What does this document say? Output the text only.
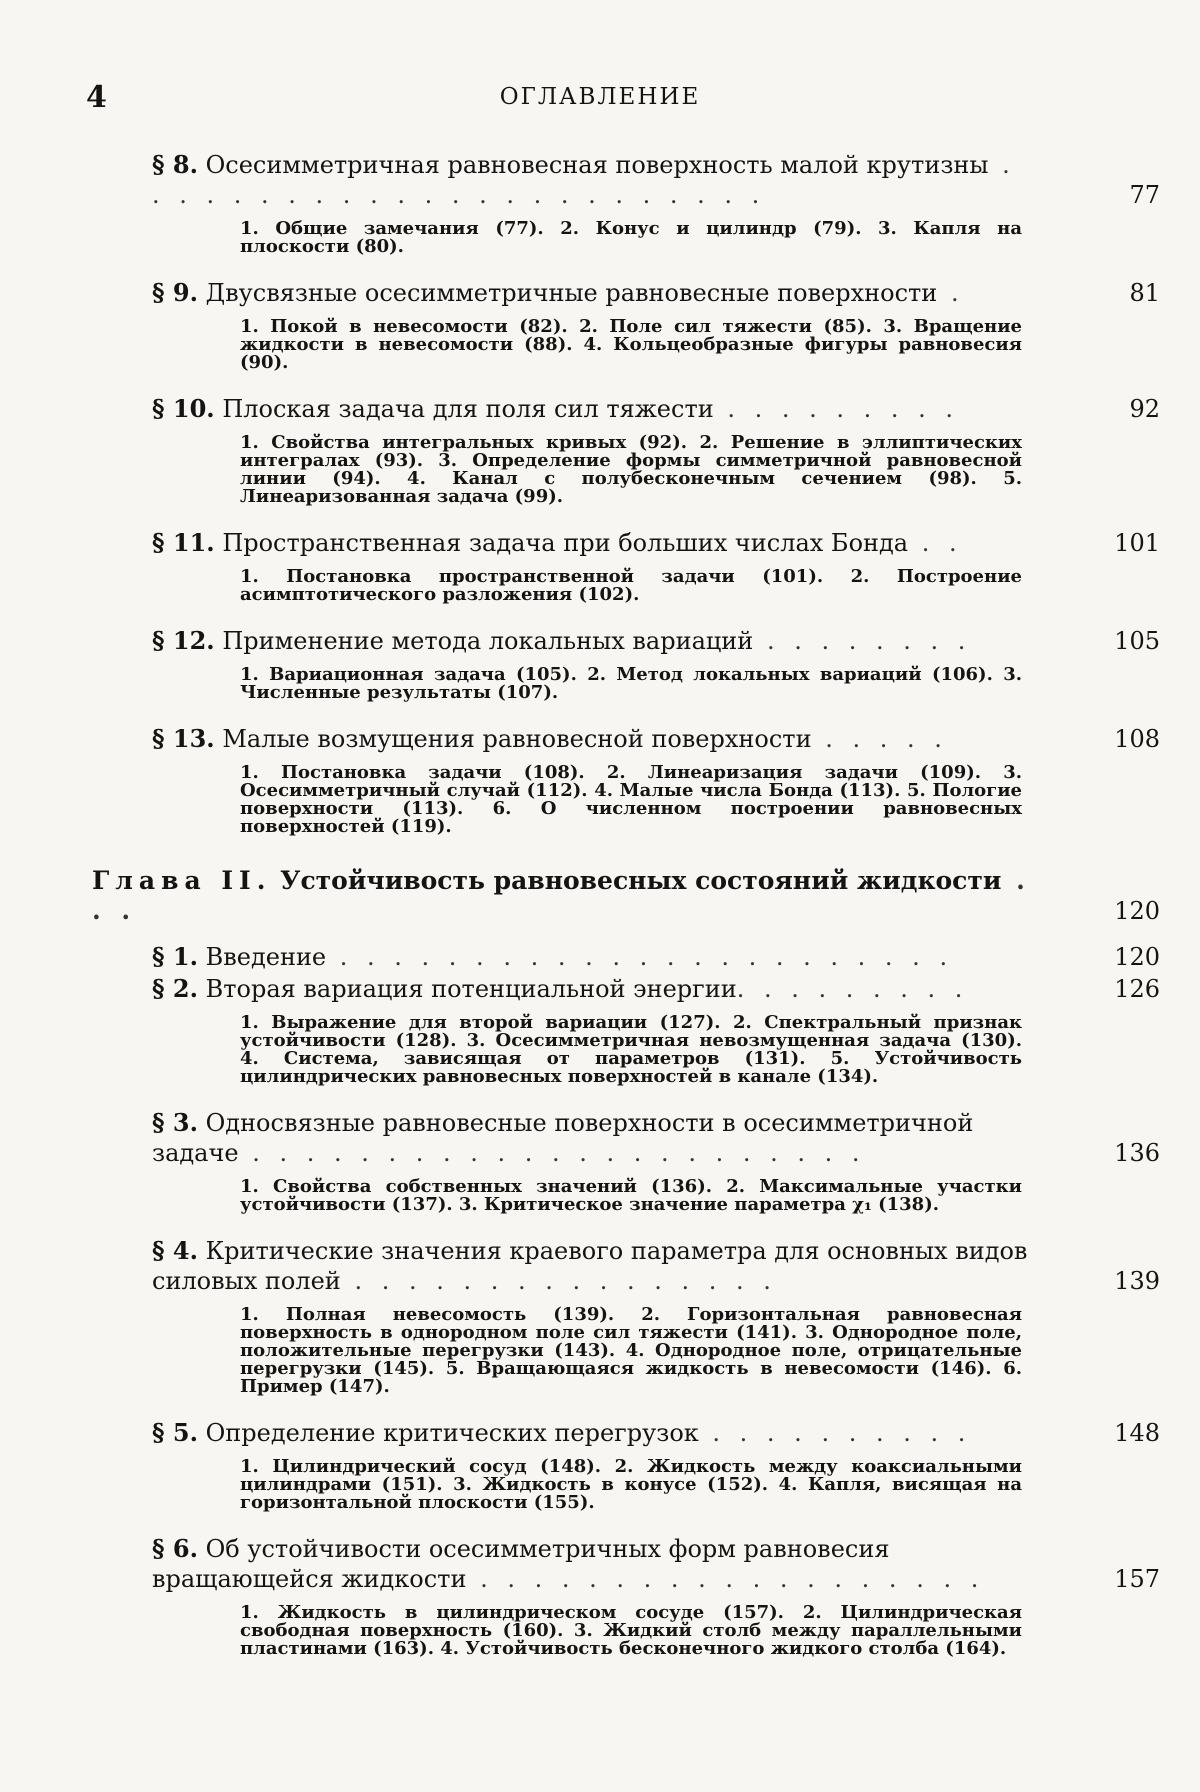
4	ОГЛАВЛЕНИЕ
§ 8. Осесимметричная равновесная поверхность малой крутизны . . . . . . . . . . . . . . . . . . . . . . . .	77
1. Общие замечания (77). 2. Конус и цилиндр (79). 3. Капля на плоскости (80).
§ 9. Двусвязные осесимметричные равновесные поверхности .	81
1. Покой в невесомости (82). 2. Поле сил тяжести (85). 3. Вращение жидкости в невесомости (88). 4. Кольцеобразные фигуры равновесия (90).
§ 10. Плоская задача для поля сил тяжести . . . . . . . . .	92
1. Свойства интегральных кривых (92). 2. Решение в эллиптических интегралах (93). 3. Определение формы симметричной равновесной линии (94). 4. Канал с полубесконечным сечением (98). 5. Линеаризованная задача (99).
§ 11. Пространственная задача при больших числах Бонда . .	101
1. Постановка пространственной задачи (101). 2. Построение асимптотического разложения (102).
§ 12. Применение метода локальных вариаций . . . . . . . .	105
1. Вариационная задача (105). 2. Метод локальных вариаций (106). 3. Численные результаты (107).
§ 13. Малые возмущения равновесной поверхности . . . . .	108
1. Постановка задачи (108). 2. Линеаризация задачи (109). 3. Осесимметричный случай (112). 4. Малые числа Бонда (113). 5. Пологие поверхности (113). 6. О численном построении равновесных поверхностей (119).
Глава II. Устойчивость равновесных состояний жидкости . . .	120
§ 1. Введение . . . . . . . . . . . . . . . . . . . . . . .	120
§ 2. Вторая вариация потенциальной энергии. . . . . . . . .	126
1. Выражение для второй вариации (127). 2. Спектральный признак устойчивости (128). 3. Осесимметричная невозмущенная задача (130). 4. Система, зависящая от параметров (131). 5. Устойчивость цилиндрических равновесных поверхностей в канале (134).
§ 3. Односвязные равновесные поверхности в осесимметричной задаче . . . . . . . . . . . . . . . . . . . . . . .	136
1. Свойства собственных значений (136). 2. Максимальные участки устойчивости (137). 3. Критическое значение параметра χ₁ (138).
§ 4. Критические значения краевого параметра для основных видов силовых полей . . . . . . . . . . . . . . . .	139
1. Полная невесомость (139). 2. Горизонтальная равновесная поверхность в однородном поле сил тяжести (141). 3. Однородное поле, положительные перегрузки (143). 4. Однородное поле, отрицательные перегрузки (145). 5. Вращающаяся жидкость в невесомости (146). 6. Пример (147).
§ 5. Определение критических перегрузок . . . . . . . . . .	148
1. Цилиндрический сосуд (148). 2. Жидкость между коаксиальными цилиндрами (151). 3. Жидкость в конусе (152). 4. Капля, висящая на горизонтальной плоскости (155).
§ 6. Об устойчивости осесимметричных форм равновесия вращающейся жидкости . . . . . . . . . . . . . . . . . . .	157
1. Жидкость в цилиндрическом сосуде (157). 2. Цилиндрическая свободная поверхность (160). 3. Жидкий столб между параллельными пластинами (163). 4. Устойчивость бесконечного жидкого столба (164).
